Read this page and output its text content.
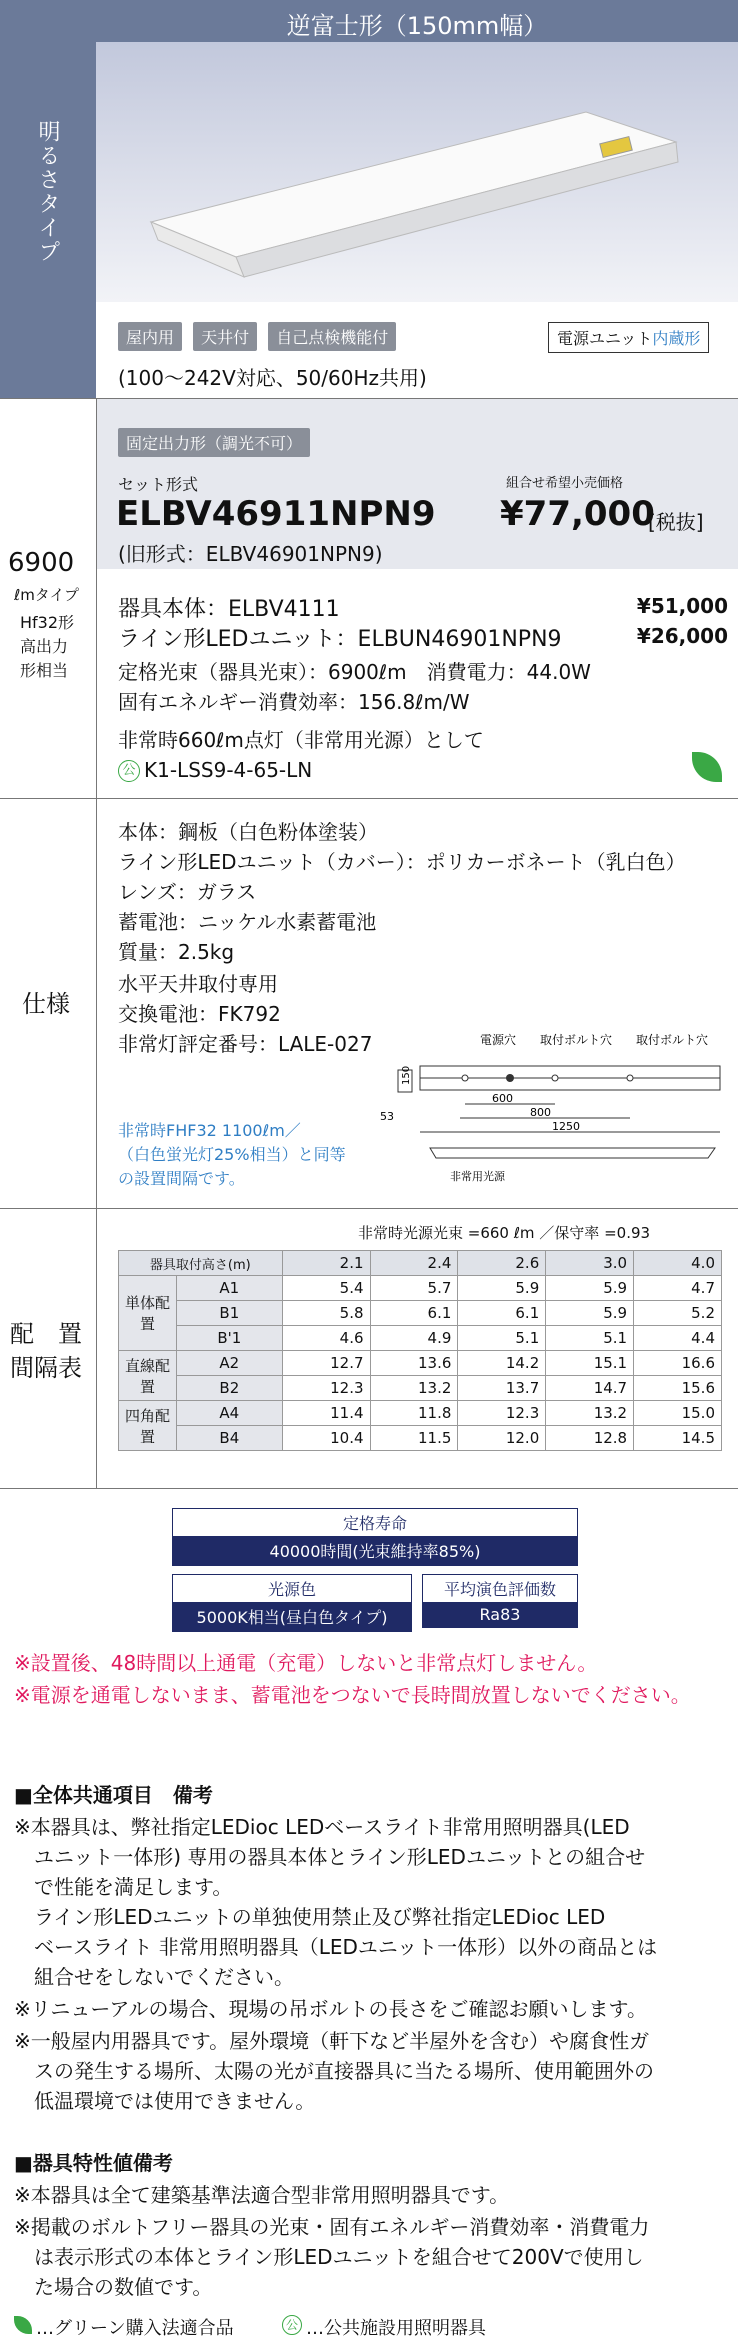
逆富士形（150mm幅）
明るさタイプ
屋内用 天井付 自己点検機能付	電源ユニット内蔵形
(100〜242V対応、50/60Hz共用)
6900
ℓmタイプ
Hf32形
高出力
形相当
固定出力形（調光不可）
セット形式	組合せ希望小売価格
ELBV46911NPN9 ¥77,000
[税抜]
(旧形式：ELBV46901NPN9)
器具本体：ELBV4111	¥51,000
ライン形LEDユニット：ELBUN46901NPN9	¥26,000
定格光束（器具光束）：6900ℓm　消費電力：44.0W
固有エネルギー消費効率：156.8ℓm/W
非常時660ℓm点灯（非常用光源）として
公 K1-LSS9-4-65-LN
仕様
本体：鋼板（白色粉体塗装）
ライン形LEDユニット（カバー）：ポリカーボネート（乳白色）
レンズ：ガラス
蓄電池：ニッケル水素蓄電池
質量：2.5kg
水平天井取付専用
交換電池：FK792
非常灯評定番号：LALE-027
非常時FHF32 1100ℓm／
（白色蛍光灯25%相当）と同等
の設置間隔です。
電源穴 取付ボルト穴 取付ボルト穴
150
53
600
800
1250
非常用光源
配　置
間隔表
非常時光源光束 =660 ℓm ／保守率 =0.93
器具取付高さ(m)		2.1	2.4	2.6	3.0	4.0
単体配置	A1	5.4	5.7	5.9	5.9	4.7
	B1	5.8	6.1	6.1	5.9	5.2
	B'1	4.6	4.9	5.1	5.1	4.4
直線配置	A2	12.7	13.6	14.2	15.1	16.6
	B2	12.3	13.2	13.7	14.7	15.6
四角配置	A4	11.4	11.8	12.3	13.2	15.0
	B4	10.4	11.5	12.0	12.8	14.5
定格寿命
40000時間(光束維持率85%)
光源色
5000K相当(昼白色タイプ)
平均演色評価数
Ra83
※設置後、48時間以上通電（充電）しないと非常点灯しません。
※電源を通電しないまま、蓄電池をつないで長時間放置しないでください。
■全体共通項目　備考
※本器具は、弊社指定LEDioc LEDベースライト非常用照明器具(LED
　ユニット一体形) 専用の器具本体とライン形LEDユニットとの組合せ
　で性能を満足します。
　ライン形LEDユニットの単独使用禁止及び弊社指定LEDioc LED
　ベースライト 非常用照明器具（LEDユニット一体形）以外の商品とは
　組合せをしないでください。
※リニューアルの場合、現場の吊ボルトの長さをご確認お願いします。
※一般屋内用器具です。屋外環境（軒下など半屋外を含む）や腐食性ガ
　スの発生する場所、太陽の光が直接器具に当たる場所、使用範囲外の
　低温環境では使用できません。
■器具特性値備考
※本器具は全て建築基準法適合型非常用照明器具です。
※掲載のボルトフリー器具の光束・固有エネルギー消費効率・消費電力
　は表示形式の本体とライン形LEDユニットを組合せて200Vで使用し
　た場合の数値です。
…グリーン購入法適合品	公 …公共施設用照明器具
